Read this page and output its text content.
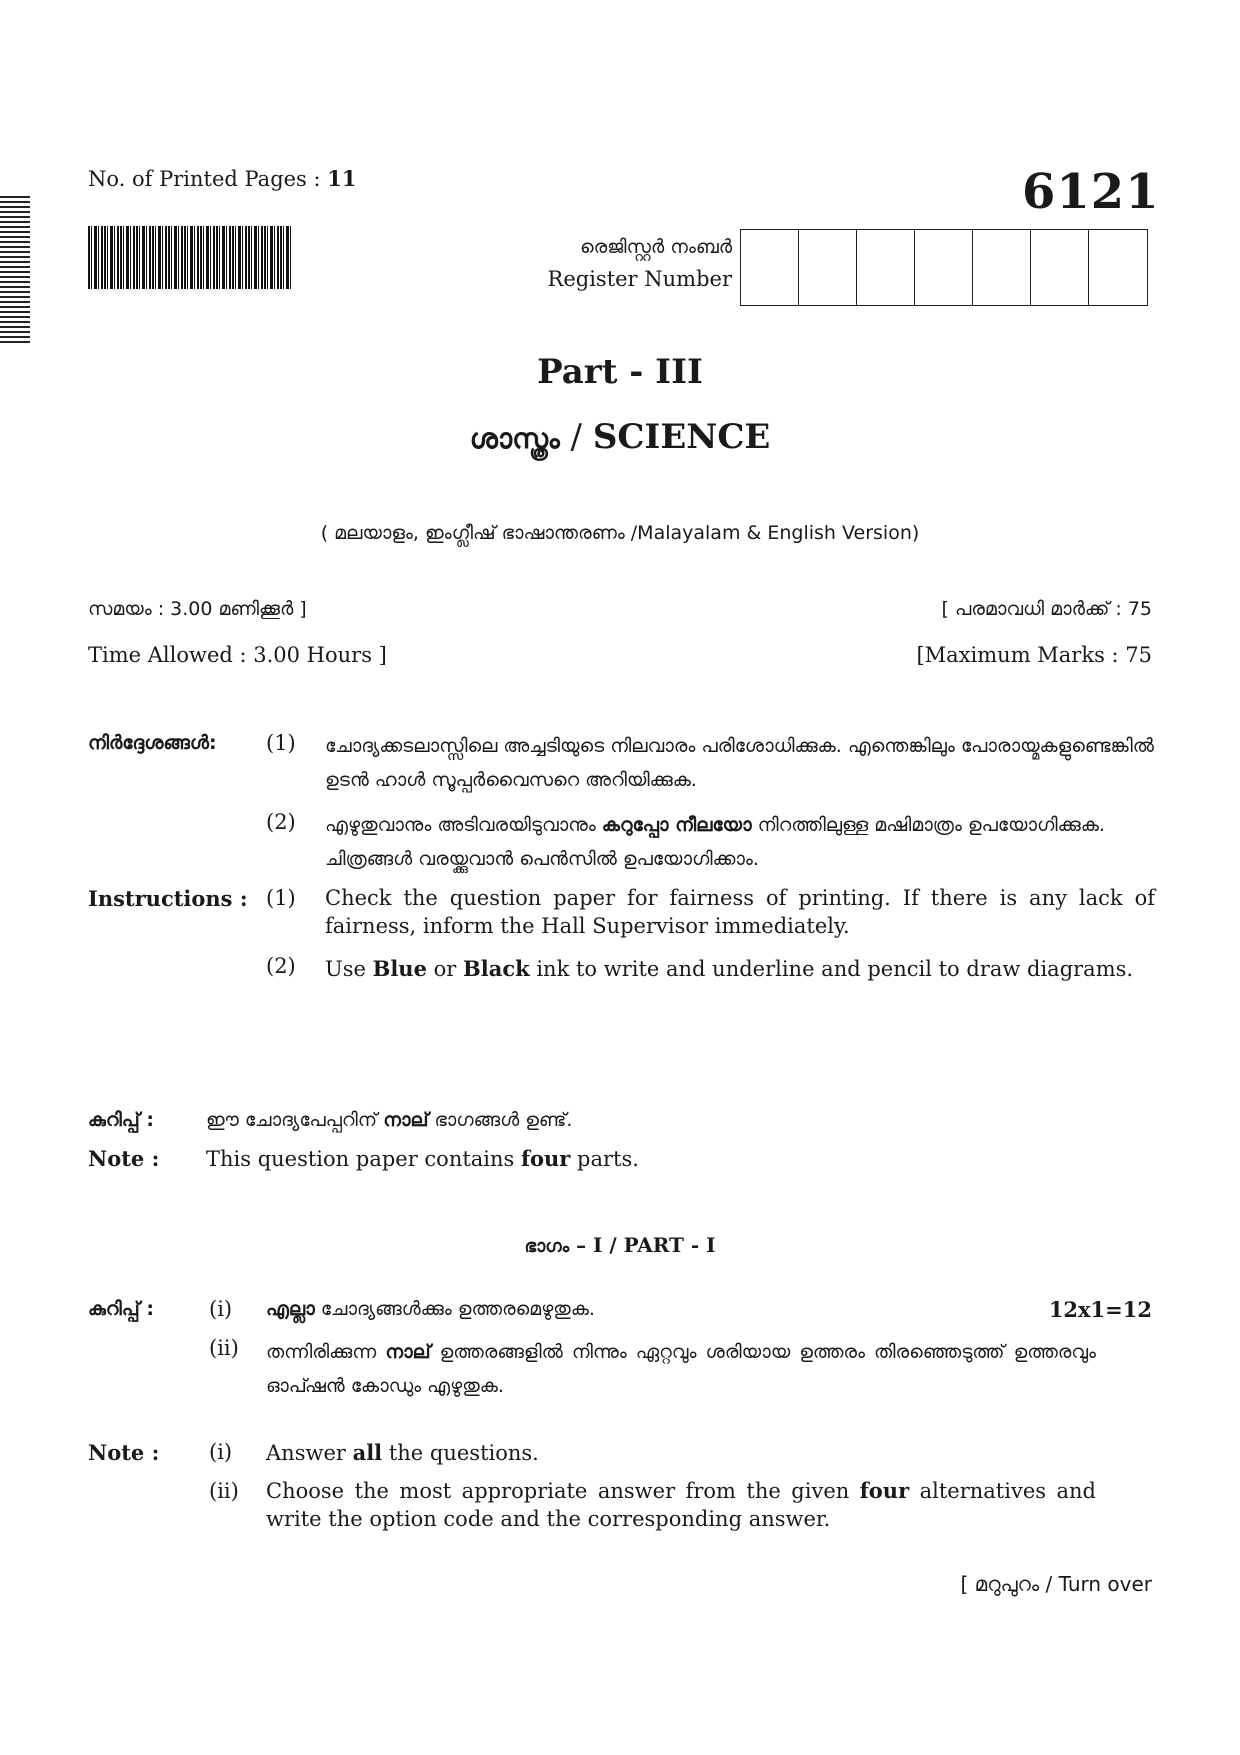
No. of Printed Pages : 11	6121
രെജിസ്റ്റർ നംബർ
Register Number
Part - III
ശാസ്ത്രം / SCIENCE
( മലയാളം, ഇംഗ്ലീഷ് ഭാഷാന്തരണം /Malayalam & English Version)
സമയം : 3.00 മണിക്കൂർ ]	[ പരമാവധി മാർക്ക് : 75
Time Allowed : 3.00 Hours ]	[Maximum Marks : 75
നിർദ്ദേശങ്ങൾ: (1) ചോദ്യക്കടലാസ്സിലെ അച്ചടിയുടെ നിലവാരം പരിശോധിക്കുക. എന്തെങ്കിലും പോരായ്മകളുണ്ടെങ്കിൽ ഉടൻ ഹാൾ സൂപ്പർവൈസറെ അറിയിക്കുക.
(2) എഴുതുവാനും അടിവരയിടുവാനും കറുപ്പോ നീലയോ നിറത്തിലുള്ള മഷിമാത്രം ഉപയോഗിക്കുക. ചിത്രങ്ങൾ വരയ്ക്കുവാൻ പെൻസിൽ ഉപയോഗിക്കാം.
Instructions : (1) Check the question paper for fairness of printing. If there is any lack of fairness, inform the Hall Supervisor immediately.
(2) Use Blue or Black ink to write and underline and pencil to draw diagrams.
കുറിപ്പ് :	ഈ ചോദ്യപേപ്പറിന് നാല് ഭാഗങ്ങൾ ഉണ്ട്.
Note : This question paper contains four parts.
ഭാഗം – I / PART - I
കുറിപ്പ് :	(i) എല്ലാ ചോദ്യങ്ങൾക്കും ഉത്തരമെഴുതുക.	12x1=12
(ii) തന്നിരിക്കുന്ന നാല് ഉത്തരങ്ങളിൽ നിന്നും ഏറ്റവും ശരിയായ ഉത്തരം തിരഞ്ഞെടുത്ത് ഉത്തരവും ഓപ്ഷൻ കോഡും എഴുതുക.
Note : (i) Answer all the questions.
(ii) Choose the most appropriate answer from the given four alternatives and write the option code and the corresponding answer.
[ മറുപുറം / Turn over
